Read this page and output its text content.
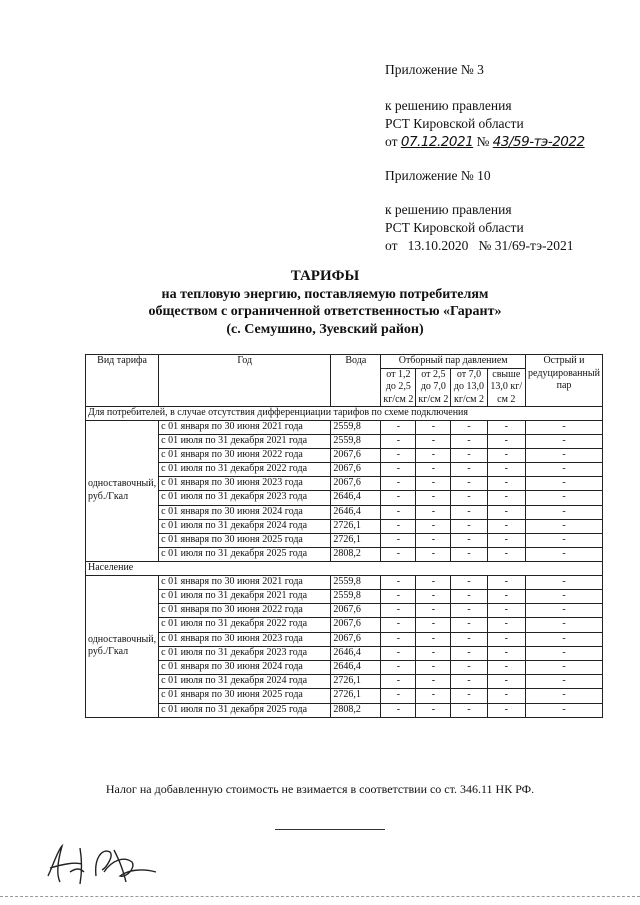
Приложение № 3
к решению правления
РСТ Кировской области
от 07.12.2021 № 43/59-тэ-2022
Приложение № 10
к решению правления
РСТ Кировской области
от   13.10.2020   № 31/69-тэ-2021
ТАРИФЫ
на тепловую энергию, поставляемую потребителям
обществом с ограниченной ответственностью «Гарант»
(с. Семушино, Зуевский район)
Вид тарифа	Год	Вода	Отборный пар давлением				Острый и редуцированный пар
			от 1,2 до 2,5 кг/см 2	от 2,5 до 7,0 кг/см 2	от 7,0 до 13,0 кг/см 2	свыше 13,0 кг/см 2	
Для потребителей, в случае отсутствия дифференциации тарифов по схеме подключения							
одноставочный, руб./Гкал	с 01 января по 30 июня 2021 года	2559,8	-	-	-	-	-
	с 01 июля по 31 декабря 2021 года	2559,8	-	-	-	-	-
	с 01 января по 30 июня 2022 года	2067,6	-	-	-	-	-
	с 01 июля по 31 декабря 2022 года	2067,6	-	-	-	-	-
	с 01 января по 30 июня 2023 года	2067,6	-	-	-	-	-
	с 01 июля по 31 декабря 2023 года	2646,4	-	-	-	-	-
	с 01 января по 30 июня 2024 года	2646,4	-	-	-	-	-
	с 01 июля по 31 декабря 2024 года	2726,1	-	-	-	-	-
	с 01 января по 30 июня 2025 года	2726,1	-	-	-	-	-
	с 01 июля по 31 декабря 2025 года	2808,2	-	-	-	-	-
Население							
одноставочный, руб./Гкал	с 01 января по 30 июня 2021 года	2559,8	-	-	-	-	-
	с 01 июля по 31 декабря 2021 года	2559,8	-	-	-	-	-
	с 01 января по 30 июня 2022 года	2067,6	-	-	-	-	-
	с 01 июля по 31 декабря 2022 года	2067,6	-	-	-	-	-
	с 01 января по 30 июня 2023 года	2067,6	-	-	-	-	-
	с 01 июля по 31 декабря 2023 года	2646,4	-	-	-	-	-
	с 01 января по 30 июня 2024 года	2646,4	-	-	-	-	-
	с 01 июля по 31 декабря 2024 года	2726,1	-	-	-	-	-
	с 01 января по 30 июня 2025 года	2726,1	-	-	-	-	-
	с 01 июля по 31 декабря 2025 года	2808,2	-	-	-	-	-
Налог на добавленную стоимость не взимается в соответствии со ст. 346.11 НК РФ.
